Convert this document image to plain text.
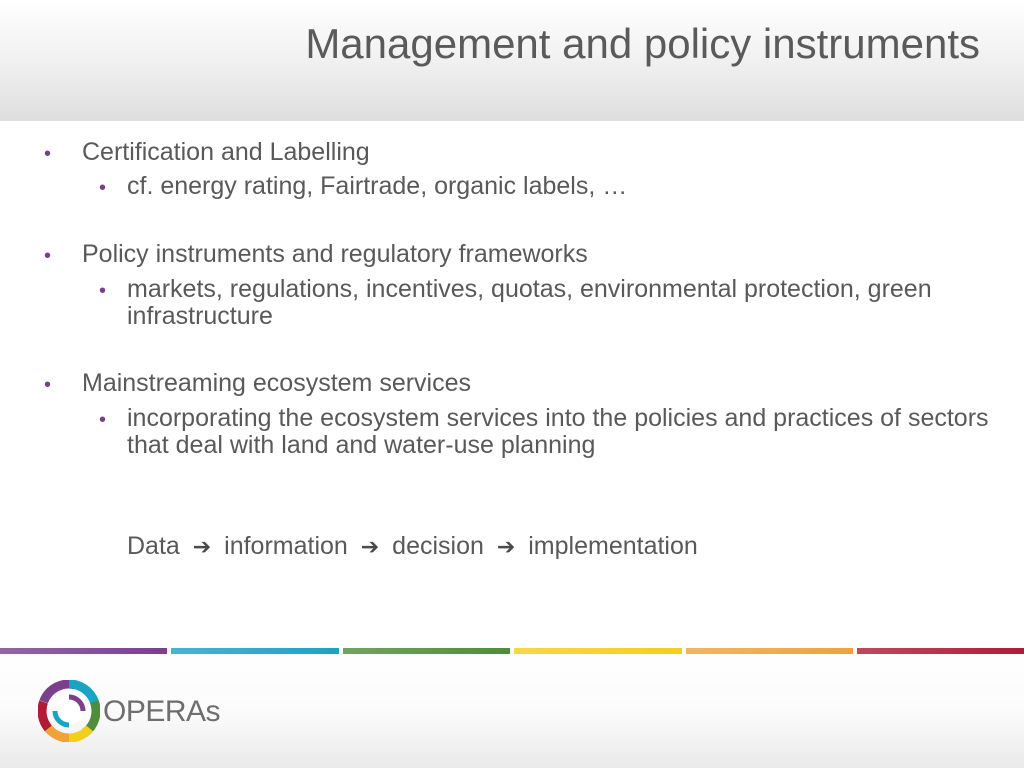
Management and policy instruments
• Certification and Labelling
• cf. energy rating, Fairtrade, organic labels, …
• Policy instruments and regulatory frameworks
• markets, regulations, incentives, quotas, environmental protection, green infrastructure
• Mainstreaming ecosystem services
• incorporating the ecosystem services into the policies and practices of sectors that deal with land and water-use planning
Data ➔ information ➔ decision ➔ implementation
OPERAs
